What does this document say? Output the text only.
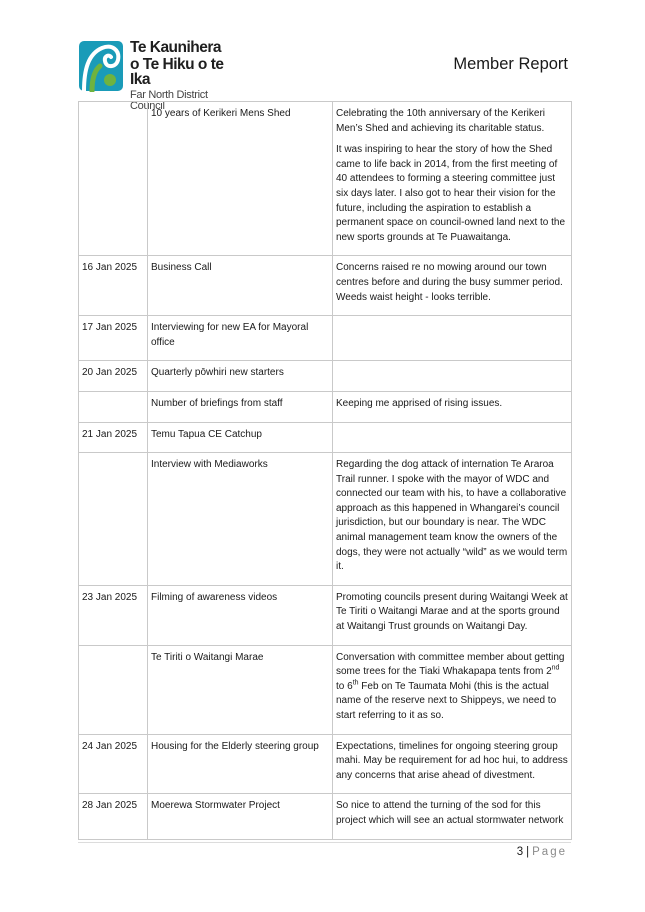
Te Kaunihera
o Te Hiku o te Ika
Far North District Council
Member Report
	10 years of Kerikeri Mens Shed	Celebrating the 10th anniversary of the Kerikeri Men’s Shed and achieving its charitable status.

It was inspiring to hear the story of how the Shed came to life back in 2014, from the first meeting of 40 attendees to forming a steering committee just six days later. I also got to hear their vision for the future, including the aspiration to establish a permanent space on council-owned land next to the new sports grounds at Te Puawaitanga.

16 Jan 2025	Business Call	Concerns raised re no mowing around our town centres before and during the busy summer period. Weeds waist height - looks terrible.

17 Jan 2025	Interviewing for new EA for Mayoral office	
20 Jan 2025	Quarterly pōwhiri new starters	
	Number of briefings from staff	Keeping me apprised of rising issues.

21 Jan 2025	Temu Tapua CE Catchup	
	Interview with Mediaworks	Regarding the dog attack of internation Te Araroa Trail runner. I spoke with the mayor of WDC and connected our team with his, to have a collaborative approach as this happened in Whangarei’s council jurisdiction, but our boundary is near. The WDC animal management team know the owners of the dogs, they were not actually “wild” as we would term it.

23 Jan 2025	Filming of awareness videos	Promoting councils present during Waitangi Week at Te Tiriti o Waitangi Marae and at the sports ground at Waitangi Trust grounds on Waitangi Day.

	Te Tiriti o Waitangi Marae	Conversation with committee member about getting some trees for the Tiaki Whakapapa tents from 2nd to 6th Feb on Te Taumata Mohi (this is the actual name of the reserve next to Shippeys, we need to start referring to it as so.

24 Jan 2025	Housing for the Elderly steering group	Expectations, timelines for ongoing steering group mahi. May be requirement for ad hoc hui, to address any concerns that arise ahead of divestment.

28 Jan 2025	Moerewa Stormwater Project	So nice to attend the turning of the sod for this project which will see an actual stormwater network

3 | Page
